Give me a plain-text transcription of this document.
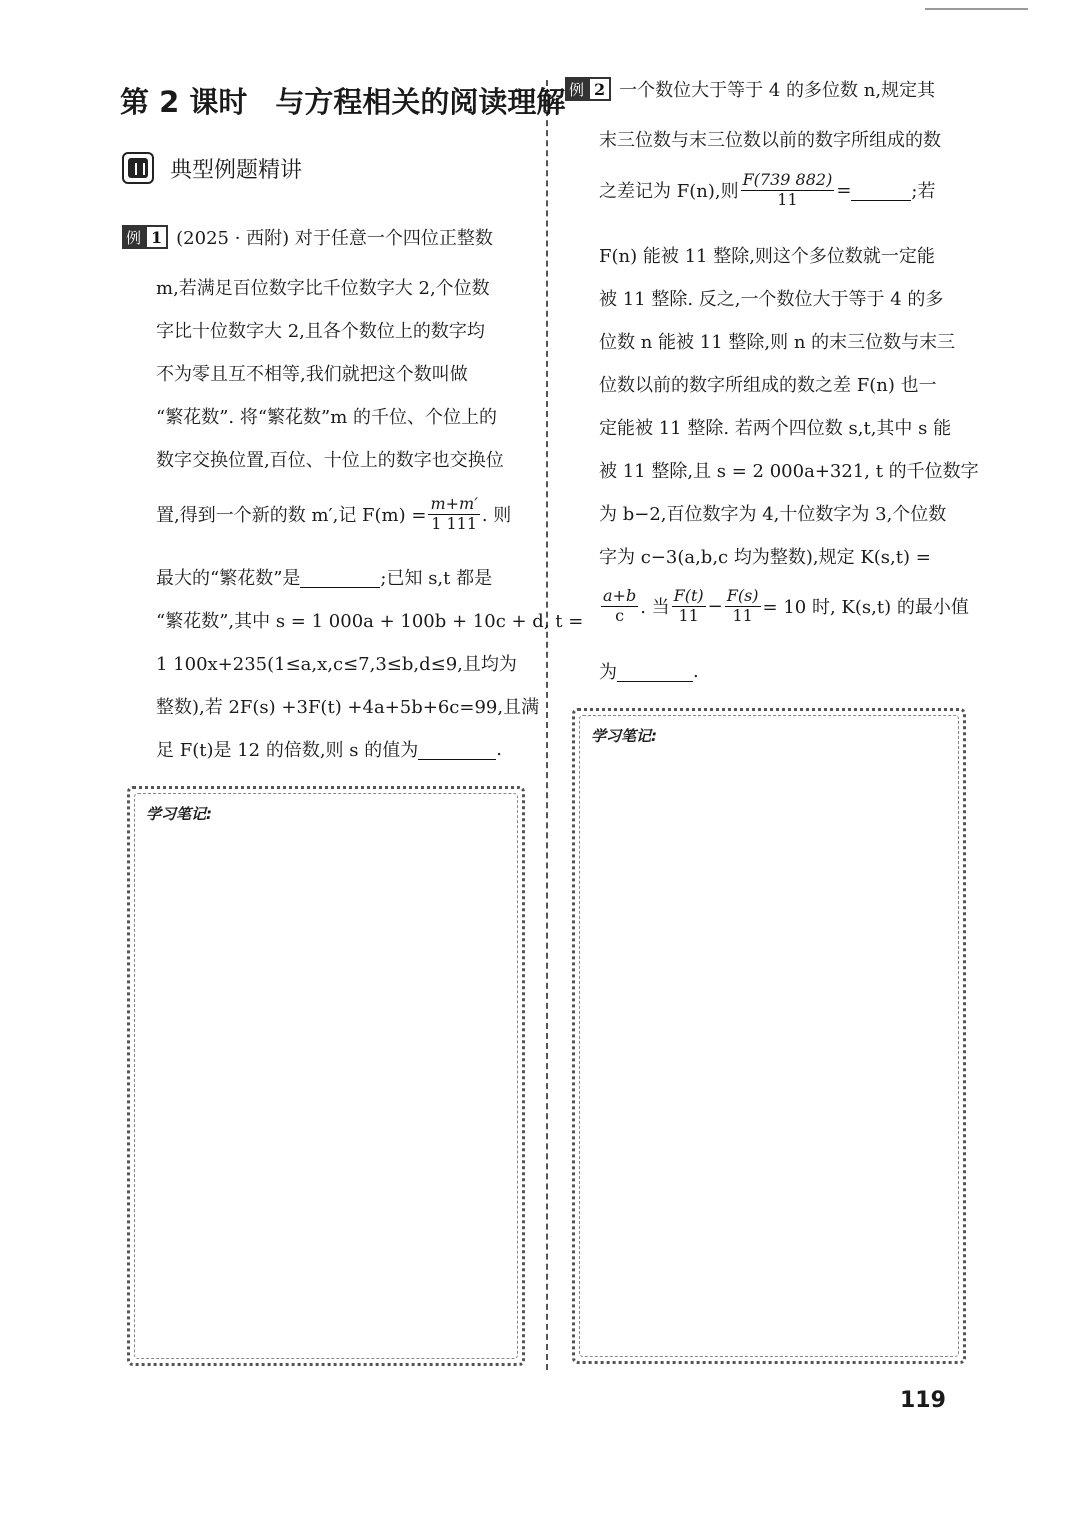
第 2 课时 与方程相关的阅读理解
典型例题精讲
例 1 (2025 · 西附) 对于任意一个四位正整数
m,若满足百位数字比千位数字大 2,个位数
字比十位数字大 2,且各个数位上的数字均
不为零且互不相等,我们就把这个数叫做
“繁花数”. 将“繁花数”m 的千位、个位上的
数字交换位置,百位、十位上的数字也交换位
置,得到一个新的数 m′,记 $F(m) = \frac{m+m'}{1 111}$ . 则
最大的“繁花数”是	;已知 s,t 都是
“繁花数”,其中 s = 1 000a + 100b + 10c + d, t =
1 100x+235(1≤a,x,c≤7,3≤b,d≤9,且均为
整数),若 2F(s) +3F(t) +4a+5b+6c=99,且满
足 F(t)是 12 的倍数,则 s 的值为	.
学习笔记:
例 2 一个数位大于等于 4 的多位数 n,规定其
末三位数与末三位数以前的数字所组成的数
之差记为 F(n),则 $\frac{F(739 882)}{11}$ =	;若
F(n) 能被 11 整除,则这个多位数就一定能
被 11 整除. 反之,一个数位大于等于 4 的多
位数 n 能被 11 整除,则 n 的末三位数与末三
位数以前的数字所组成的数之差 F(n) 也一
定能被 11 整除. 若两个四位数 s,t,其中 s 能
被 11 整除,且 s = 2 000a+321, t 的千位数字
为 b−2,百位数字为 4,十位数字为 3,个位数
字为 c−3(a,b,c 均为整数),规定 K(s,t) =
$\frac{a+b}{c}$ . 当 $\frac{F(t)}{11} - \frac{F(s)}{11} = 10$ 时, K(s,t) 的最小值
为	.
学习笔记:
119
